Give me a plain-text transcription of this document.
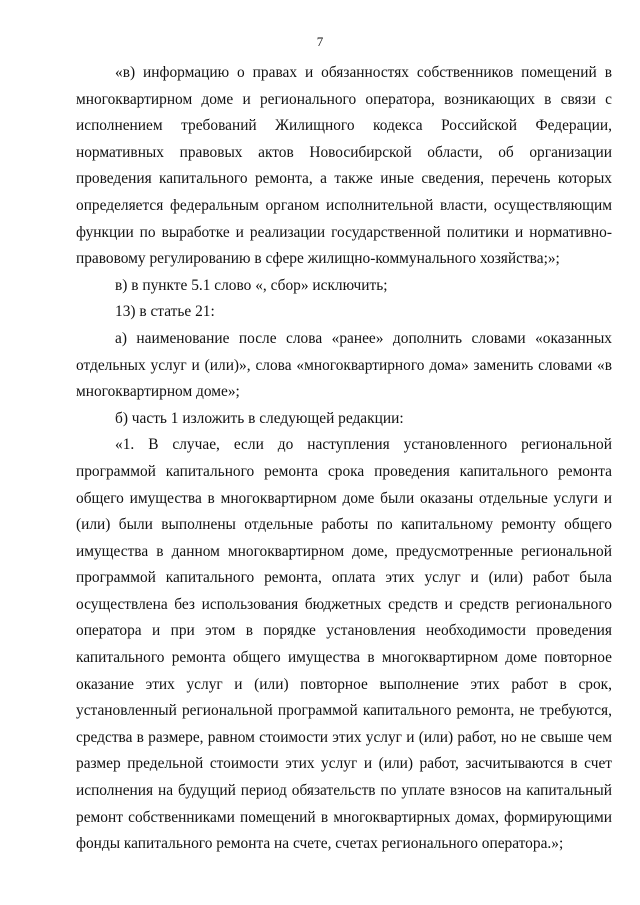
7

«в) информацию о правах и обязанностях собственников помещений в многоквартирном доме и регионального оператора, возникающих в связи с исполнением требований Жилищного кодекса Российской Федерации, нормативных правовых актов Новосибирской области, об организации проведения капитального ремонта, а также иные сведения, перечень которых определяется федеральным органом исполнительной власти, осуществляющим функции по выработке и реализации государственной политики и нормативно-правовому регулированию в сфере жилищно-коммунального хозяйства;»;

в) в пункте 5.1 слово «, сбор» исключить;

13) в статье 21:

а) наименование после слова «ранее» дополнить словами «оказанных отдельных услуг и (или)», слова «многоквартирного дома» заменить словами «в многоквартирном доме»;

б) часть 1 изложить в следующей редакции:

«1. В случае, если до наступления установленного региональной программой капитального ремонта срока проведения капитального ремонта общего имущества в многоквартирном доме были оказаны отдельные услуги и (или) были выполнены отдельные работы по капитальному ремонту общего имущества в данном многоквартирном доме, предусмотренные региональной программой капитального ремонта, оплата этих услуг и (или) работ была осуществлена без использования бюджетных средств и средств регионального оператора и при этом в порядке установления необходимости проведения капитального ремонта общего имущества в многоквартирном доме повторное оказание этих услуг и (или) повторное выполнение этих работ в срок, установленный региональной программой капитального ремонта, не требуются, средства в размере, равном стоимости этих услуг и (или) работ, но не свыше чем размер предельной стоимости этих услуг и (или) работ, засчитываются в счет исполнения на будущий период обязательств по уплате взносов на капитальный ремонт собственниками помещений в многоквартирных домах, формирующими фонды капитального ремонта на счете, счетах регионального оператора.»;
